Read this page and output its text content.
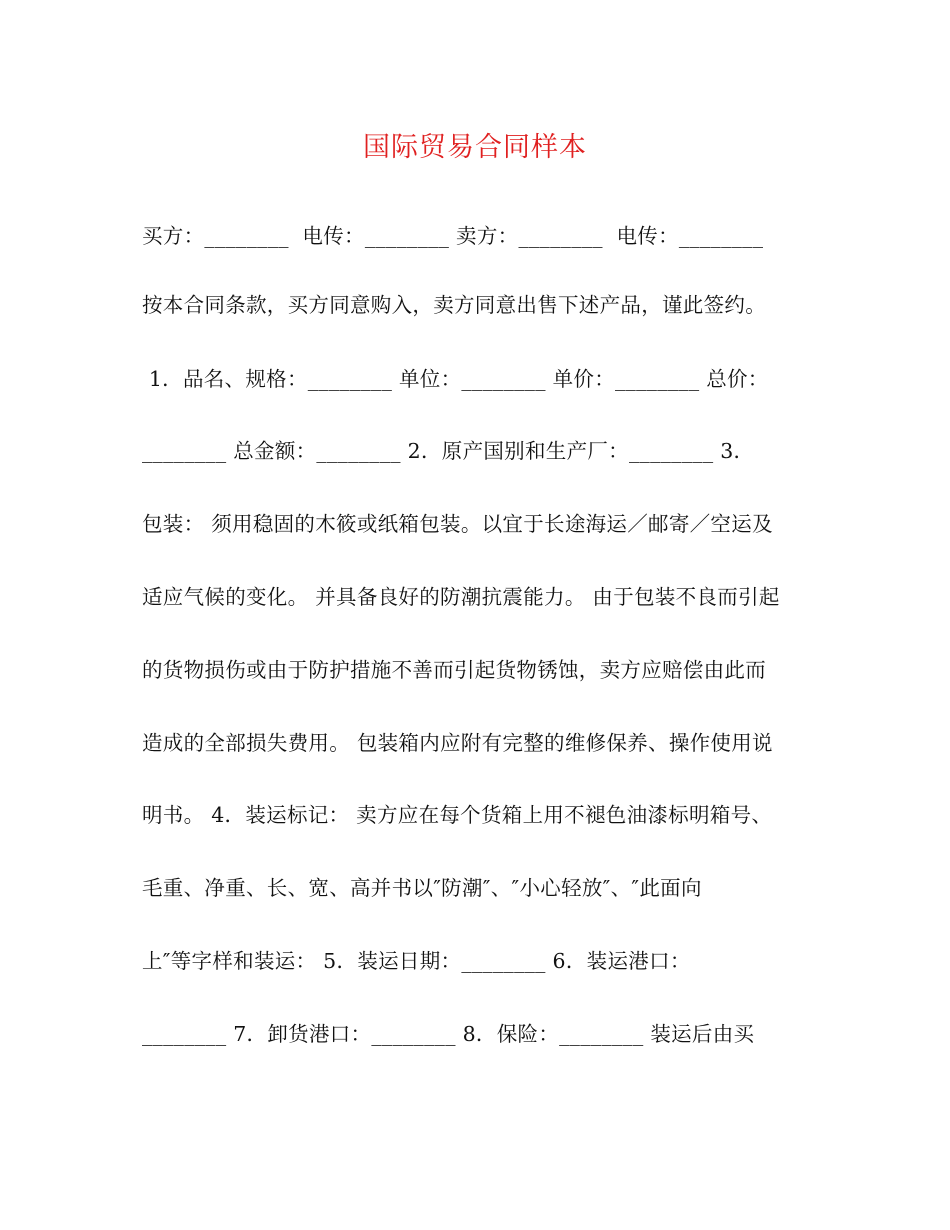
国际贸易合同样本
买方：________  电传：________ 卖方：________  电传：________
按本合同条款，买方同意购入，卖方同意出售下述产品，谨此签约。
1．品名、规格：________ 单位：________ 单价：________ 总价：
________ 总金额：________ 2．原产国别和生产厂：________ 3．
包装： 须用稳固的木筱或纸箱包装。以宜于长途海运／邮寄／空运及
适应气候的变化。 并具备良好的防潮抗震能力。 由于包装不良而引起
的货物损伤或由于防护措施不善而引起货物锈蚀，卖方应赔偿由此而
造成的全部损失费用。 包装箱内应附有完整的维修保养、操作使用说
明书。 4．装运标记： 卖方应在每个货箱上用不褪色油漆标明箱号、
毛重、净重、长、宽、高并书以″防潮″、″小心轻放″、″此面向
上″等字样和装运： 5．装运日期：________ 6．装运港口：
________ 7．卸货港口：________ 8．保险：________ 装运后由买
